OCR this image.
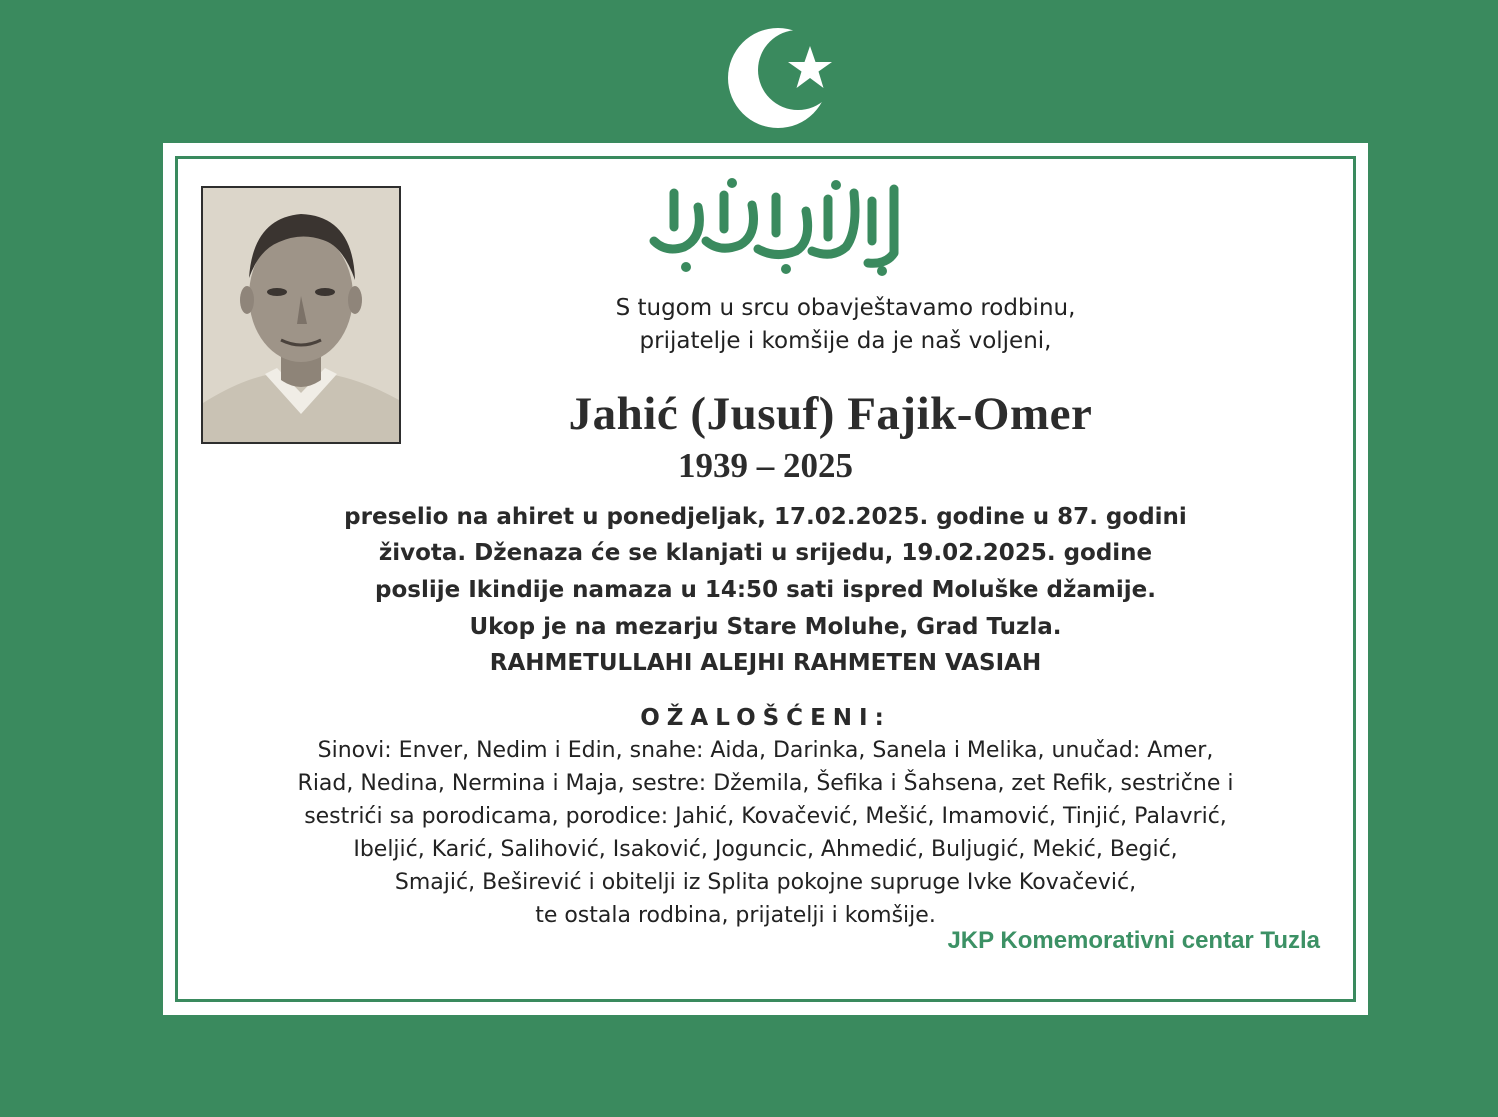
S tugom u srcu obavještavamo rodbinu,
prijatelje i komšije da je naš voljeni,
Jahić (Jusuf) Fajik-Omer
1939 – 2025
preselio na ahiret u ponedjeljak, 17.02.2025. godine u 87. godini
života. Dženaza će se klanjati u srijedu, 19.02.2025. godine
poslije Ikindije namaza u 14:50 sati ispred Moluške džamije.
Ukop je na mezarju Stare Moluhe, Grad Tuzla.
RAHMETULLAHI ALEJHI RAHMETEN VASIAH
OŽALOŠĆENI:
Sinovi: Enver, Nedim i Edin, snahe: Aida, Darinka, Sanela i Melika, unučad: Amer,
Riad, Nedina, Nermina i Maja, sestre: Džemila, Šefika i Šahsena, zet Refik, sestrične i
sestrići sa porodicama, porodice: Jahić, Kovačević, Mešić, Imamović, Tinjić, Palavrić,
Ibeljić, Karić, Salihović, Isaković, Joguncic, Ahmedić, Buljugić, Mekić, Begić,
Smajić, Beširević i obitelji iz Splita pokojne supruge Ivke Kovačević,
te ostala rodbina, prijatelji i komšije.
JKP Komemorativni centar Tuzla
